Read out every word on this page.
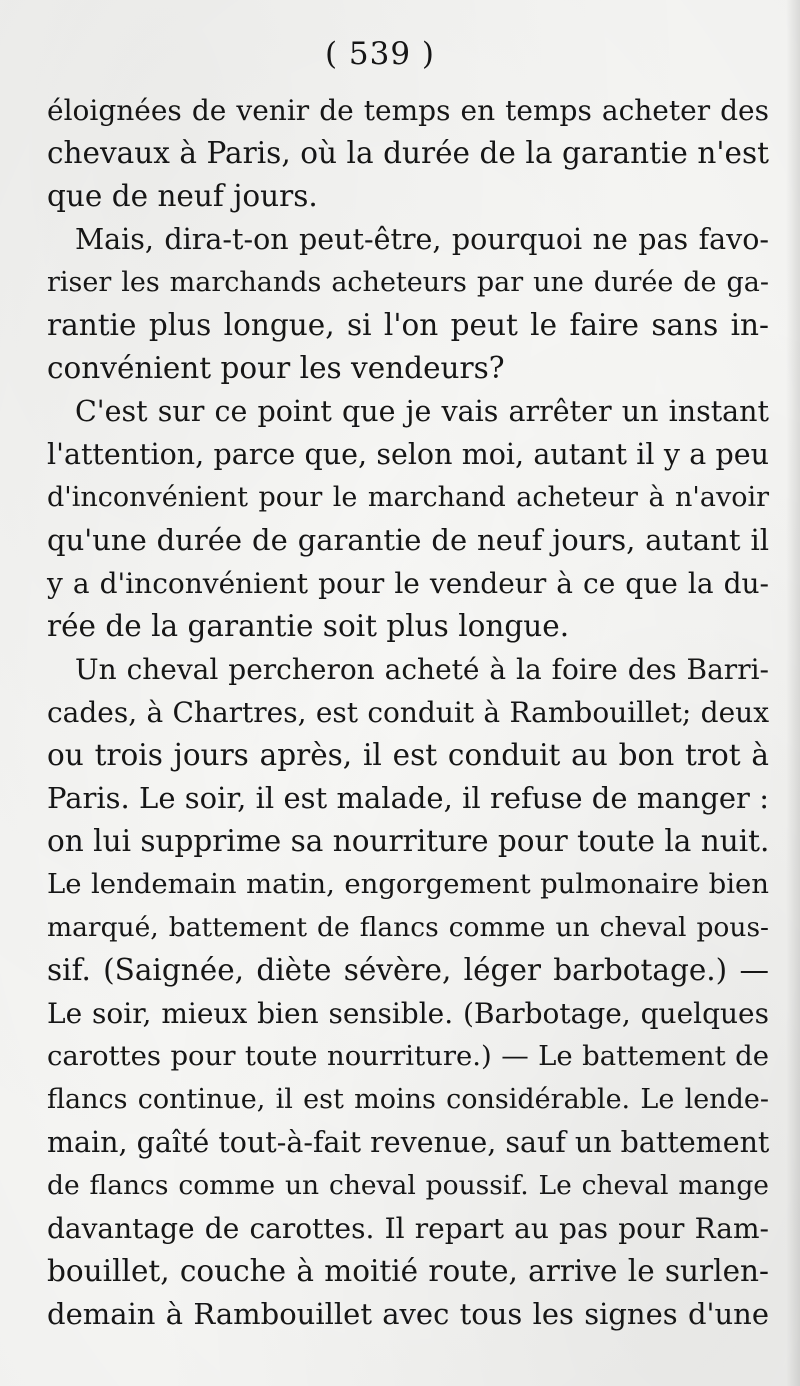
( 539 )
éloignées de venir de temps en temps acheter des
chevaux à Paris, où la durée de la garantie n'est
que de neuf jours.
Mais, dira-t-on peut-être, pourquoi ne pas favo-
riser les marchands acheteurs par une durée de ga-
rantie plus longue, si l'on peut le faire sans in-
convénient pour les vendeurs?
C'est sur ce point que je vais arrêter un instant
l'attention, parce que, selon moi, autant il y a peu
d'inconvénient pour le marchand acheteur à n'avoir
qu'une durée de garantie de neuf jours, autant il
y a d'inconvénient pour le vendeur à ce que la du-
rée de la garantie soit plus longue.
Un cheval percheron acheté à la foire des Barri-
cades, à Chartres, est conduit à Rambouillet; deux
ou trois jours après, il est conduit au bon trot à
Paris. Le soir, il est malade, il refuse de manger :
on lui supprime sa nourriture pour toute la nuit.
Le lendemain matin, engorgement pulmonaire bien
marqué, battement de flancs comme un cheval pous-
sif. (Saignée, diète sévère, léger barbotage.) —
Le soir, mieux bien sensible. (Barbotage, quelques
carottes pour toute nourriture.) — Le battement de
flancs continue, il est moins considérable. Le lende-
main, gaîté tout-à-fait revenue, sauf un battement
de flancs comme un cheval poussif. Le cheval mange
davantage de carottes. Il repart au pas pour Ram-
bouillet, couche à moitié route, arrive le surlen-
demain à Rambouillet avec tous les signes d'une
